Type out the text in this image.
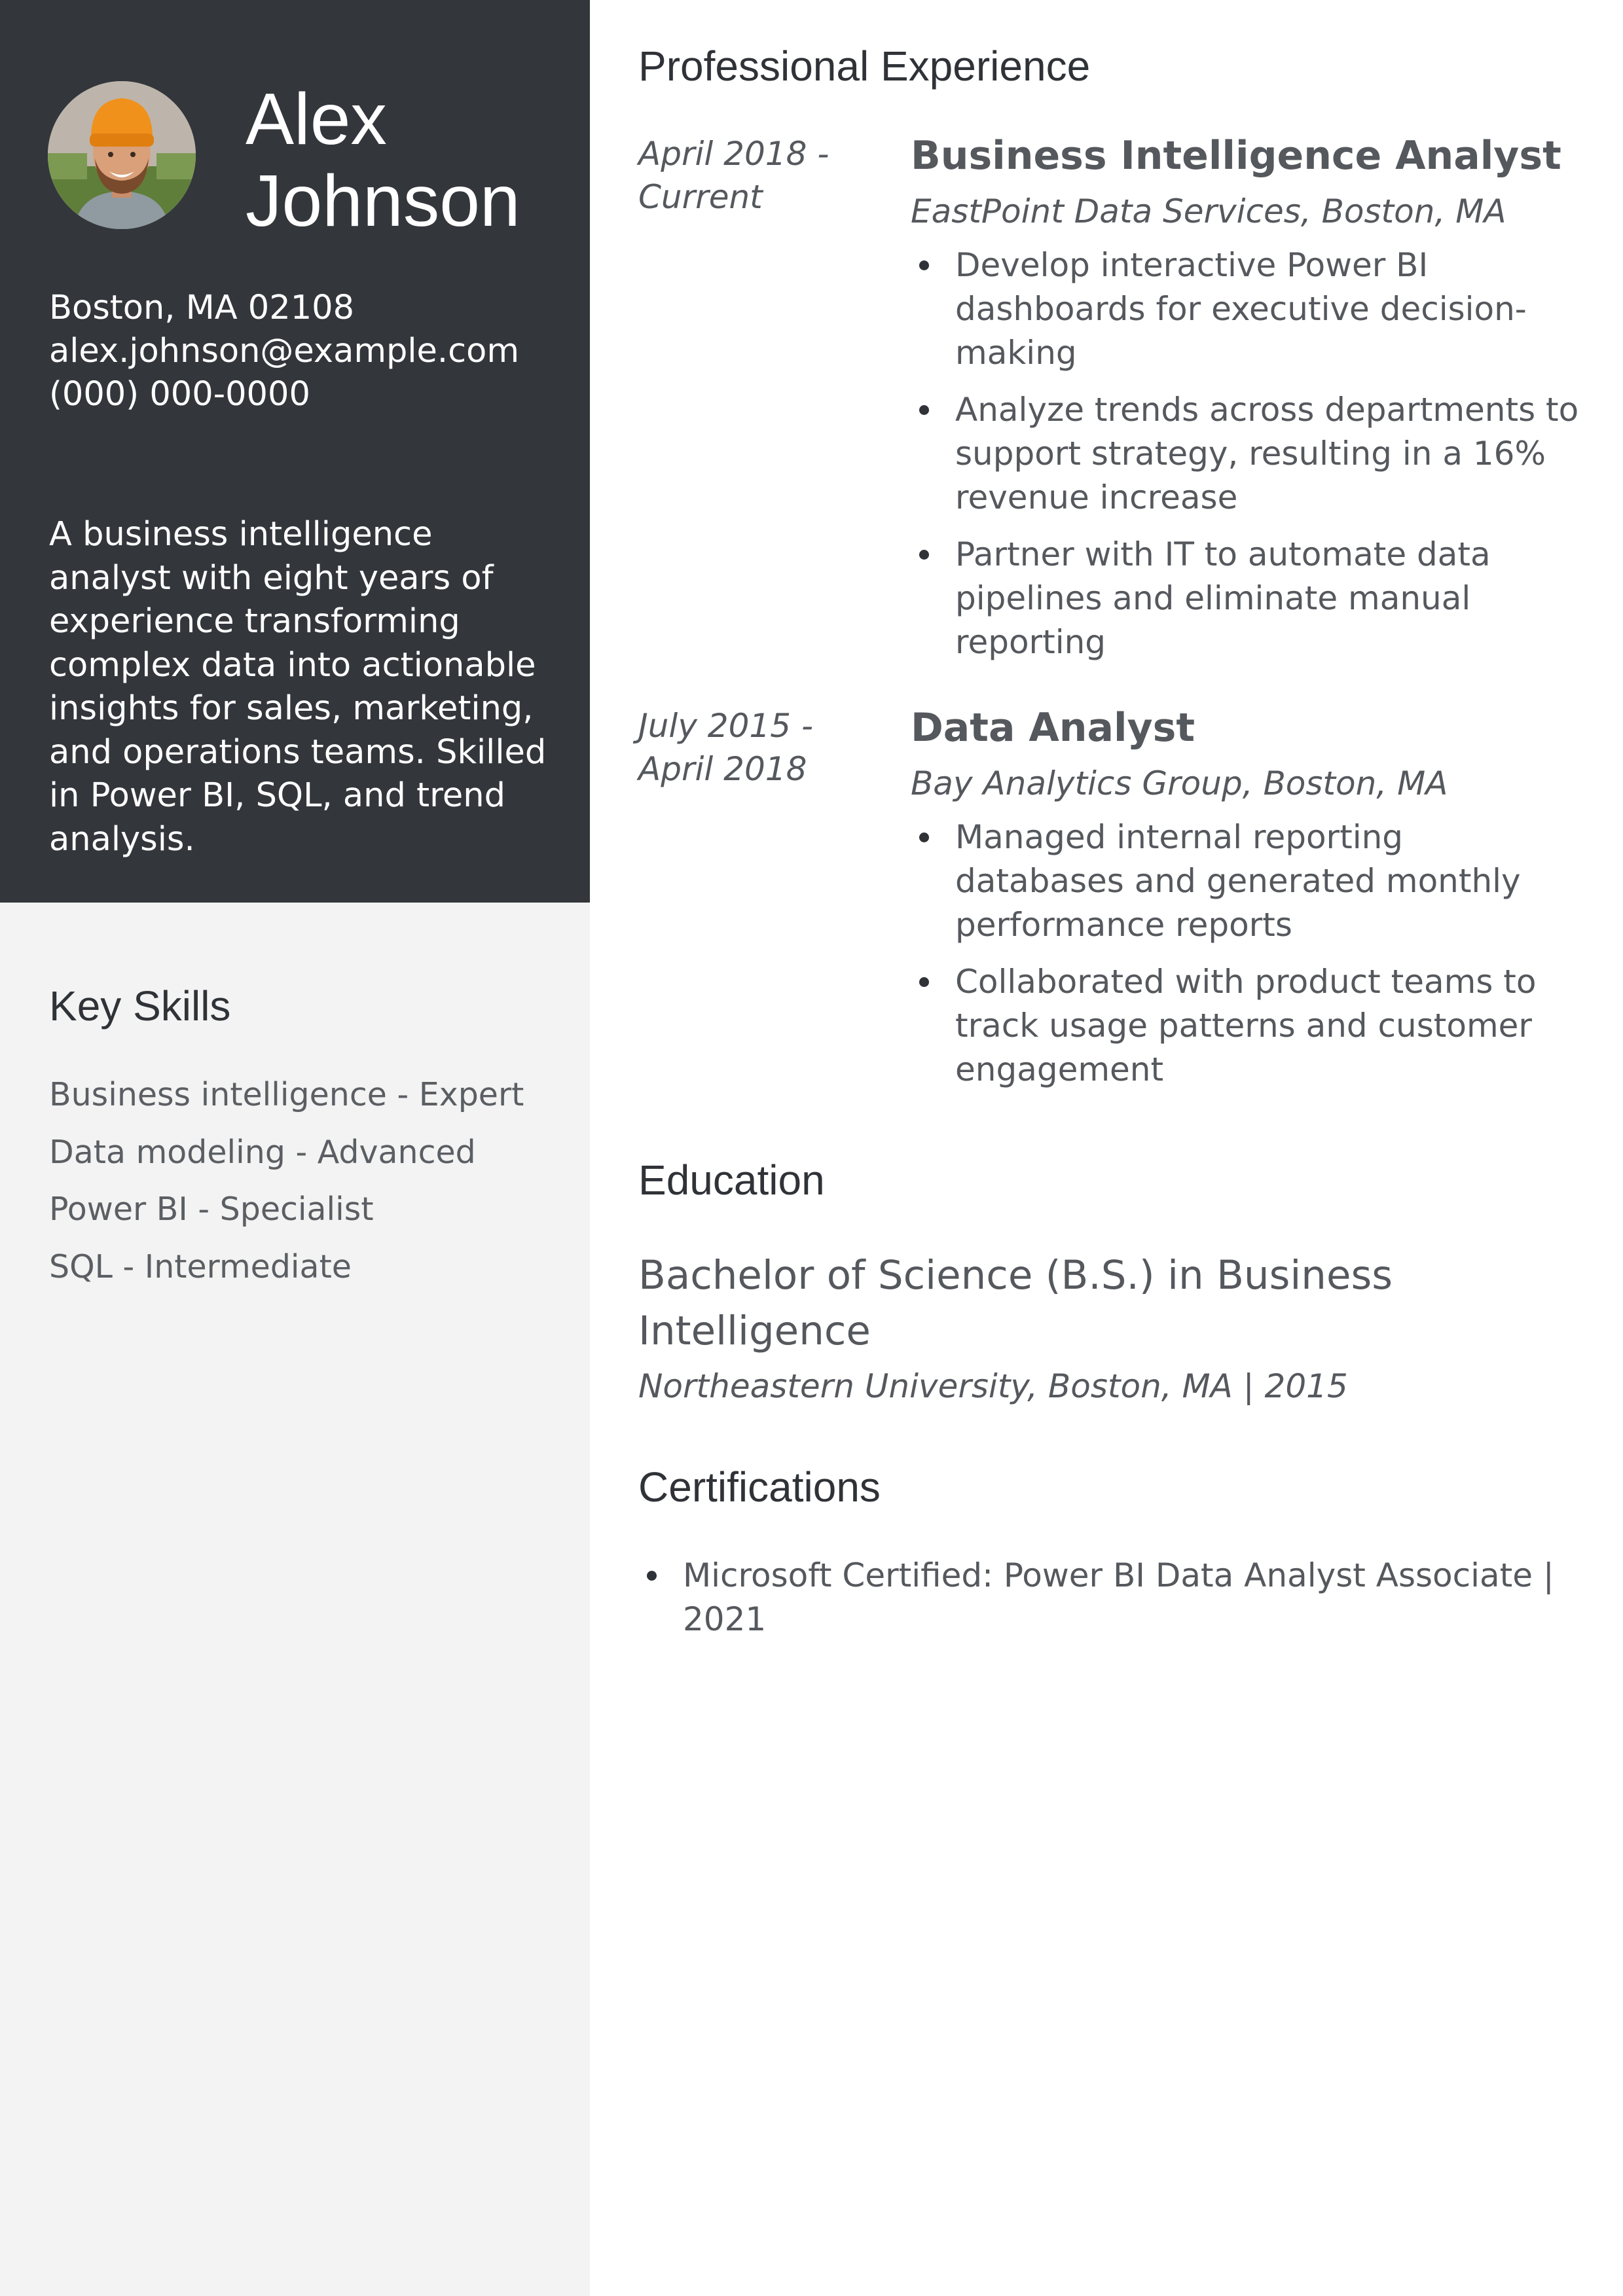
Alex Johnson
Boston, MA 02108
alex.johnson@example.com
(000) 000-0000
A business intelligence analyst with eight years of experience transforming complex data into actionable insights for sales, marketing, and operations teams. Skilled in Power BI, SQL, and trend analysis.
Key Skills
Business intelligence - Expert
Data modeling - Advanced
Power BI - Specialist
SQL - Intermediate
Professional Experience
April 2018 - Current
Business Intelligence Analyst
EastPoint Data Services, Boston, MA
Develop interactive Power BI dashboards for executive decision-making
Analyze trends across departments to support strategy, resulting in a 16% revenue increase
Partner with IT to automate data pipelines and eliminate manual reporting
July 2015 - April 2018
Data Analyst
Bay Analytics Group, Boston, MA
Managed internal reporting databases and generated monthly performance reports
Collaborated with product teams to track usage patterns and customer engagement
Education
Bachelor of Science (B.S.) in Business Intelligence
Northeastern University, Boston, MA | 2015
Certifications
Microsoft Certified: Power BI Data Analyst Associate | 2021
